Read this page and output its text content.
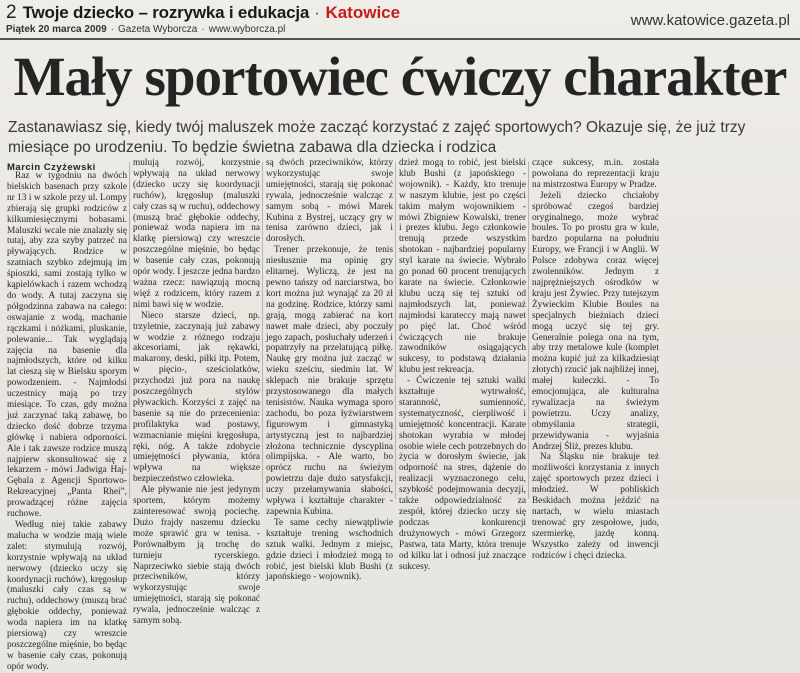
2 Twoje dziecko – rozrywka i edukacja · Katowice
Piątek 20 marca 2009 · Gazeta Wyborcza · www.wyborcza.pl
www.katowice.gazeta.pl
Mały sportowiec ćwiczy charakter
Zastanawiasz się, kiedy twój maluszek może zacząć korzystać z zajęć sportowych? Okazuje się, że już trzy miesiące po urodzeniu. To będzie świetna zabawa dla dziecka i rodzica
Marcin Czyżewski

Raz w tygodniu na dwóch bielskich basenach przy szkole nr 13 i w szkole przy ul. Lompy zbierają się grupki rodziców z kilkumiesięcznymi bobasami. Maluszki wcale nie znalazły się tutaj, aby zza szyby patrzeć na pływających. Rodzice w szatniach szybko zdejmują im śpioszki, sami zostają tylko w kąpielówkach i razem wchodzą do wody. A tutaj zaczyna się półgodzinna zabawa na całego: oswajanie z wodą, machanie rączkami i nóżkami, pluskanie, polewanie... Tak wyglądają zajęcia na basenie dla najmłodszych, które od kilku lat cieszą się w Bielsku sporym powodzeniem. - Najmłodsi uczestnicy mają po trzy miesiące. To czas, gdy można już zaczynać taką zabawę, bo dziecko dość dobrze trzyma główkę i nabiera odporności. Ale i tak zawsze rodzice muszą najpierw skonsultować się z lekarzem - mówi Jadwiga Haj-Gębala z Agencji Sportowo-Rekreacyjnej „Panta Rhei”, prowadzącej różne zajęcia ruchowe.

Według niej takie zabawy malucha w wodzie mają wiele zalet: stymulują rozwój, korzystnie wpływają na układ nerwowy (dziecko uczy się koordynacji ruchów), kręgosłup (maluszki cały czas są w ruchu), oddechowy (muszą brać głębokie oddechy, ponieważ woda napiera im na klatkę piersiową) czy wreszcie poszczególne mięśnie, bo będąc w basenie cały czas, pokonują opór wody.

mulują rozwój, korzystnie wpływają na układ nerwowy (dziecko uczy się koordynacji ruchów), kręgosłup (maluszki cały czas są w ruchu), oddechowy (muszą brać głębokie oddechy, ponieważ woda napiera im na klatkę piersiową) czy wreszcie poszczególne mięśnie, bo będąc w basenie cały czas, pokonują opór wody. I jeszcze jedna bardzo ważna rzecz: nawiązują mocną więź z rodzicem, który razem z nimi bawi się w wodzie.

Nieco starsze dzieci, np. trzyletnie, zaczynają już zabawy w wodzie z różnego rodzaju akcesoriami, jak rękawki, makarony, deski, piłki itp. Potem, w pięcio-, sześciolatków, przychodzi już pora na naukę poszczególnych stylów pływackich. Korzyści z zajęć na basenie są nie do przecenienia: profilaktyka wad postawy, wzmacnianie mięśni kręgosłupa, ręki, nóg. A także zdobycie umiejętności pływania, która wpływa na większe bezpieczeństwo człowieka.

Ale pływanie nie jest jedynym sportem, którym możemy zainteresować swoją pociechę. Dużo frajdy naszemu dziecku może sprawić gra w tenisa. - Porównałbym ją trochę do turnieju rycerskiego. Naprzeciwko siebie stają dwóch przeciwników, którzy wykorzystując swoje umiejętności, starają się pokonać rywala, jednocześnie walcząc z samym sobą.

są dwóch przeciwników, którzy wykorzystując swoje umiejętności, starają się pokonać rywala, jednocześnie walcząc z samym sobą - mówi Marek Kubina z Bystrej, uczący gry w tenisa zarówno dzieci, jak i dorosłych.

Trener przekonuje, że tenis niesłusznie ma opinię gry elitarnej. Wyliczą, że jest na pewno tańszy od narciarstwa, bo kort można już wynająć za 20 zł na godzinę. Rodzice, którzy sami grają, mogą zabierać na kort nawet małe dzieci, aby poczuły jego zapach, posłuchały uderzeń i popatrzyły na przelatującą piłkę. Naukę gry można już zacząć w wieku sześciu, siedmiu lat. W sklepach nie brakuje sprzętu przystosowanego dla małych tenisistów. Nauka wymaga sporo zachodu, bo poza łyżwiarstwem figurowym i gimnastyką artystyczną jest to najbardziej złożona technicznie dyscyplina olimpijska. - Ale warto, bo oprócz ruchu na świeżym powietrzu daje dużo satysfakcji, uczy przełamywania słabości, wpływa i kształtuje charakter - zapewnia Kubina.

Te same cechy niewątpliwie kształtuje trening wschodnich sztuk walki. Jednym z miejsc, gdzie dzieci i młodzież mogą to robić, jest bielski klub Bushi (z japońskiego - wojownik).

dzież mogą to robić, jest bielski klub Bushi (z japońskiego - wojownik). - Każdy, kto trenuje w naszym klubie, jest po części takim małym wojownikiem - mówi Zbigniew Kowalski, trener i prezes klubu. Jego członkowie trenują przede wszystkim shotokan - najbardziej popularny styl karate na świecie. Wybrało go ponad 60 procent trenujących karate na świecie. Członkowie klubu uczą się tej sztuki od najmłodszych lat, ponieważ najmłodsi karateccy mają nawet po pięć lat. Choć wśród ćwiczących nie brakuje zawodników osiągających sukcesy, to podstawą działania klubu jest rekreacja.

- Ćwiczenie tej sztuki walki kształtuje wytrwałość, staranność, sumienność, systematyczność, cierpliwość i umiejętność koncentracji. Karate shotokan wyrabia w młodej osobie wiele cech potrzebnych do życia w dorosłym świecie, jak odporność na stres, dążenie do realizacji wyznaczonego celu, szybkość podejmowania decyzji, także odpowiedzialność za zespół, której dziecko uczy się podczas konkurencji drużynowych - mówi Grzegorz Pastwa, tata Marty, która trenuje od kilku lat i odnosi już znaczące sukcesy.

czące sukcesy, m.in. została powołana do reprezentacji kraju na mistrzostwa Europy w Pradze.

Jeżeli dziecko chciałoby spróbować czegoś bardziej oryginalnego, może wybrać boules. To po prostu gra w kule, bardzo popularna na południu Europy, we Francji i w Anglii. W Polsce zdobywa coraz więcej zwolenników. Jednym z najprężniejszych ośrodków w kraju jest Żywiec. Przy tutejszym Żywieckim Klubie Boules na specjalnych bieżniach dzieci mogą uczyć się tej gry. Generalnie polega ona na tym, aby trzy metalowe kule (komplet można kupić już za kilkadziesiąt złotych) rzucić jak najbliżej innej, małej kuleczki. - To emocjonująca, ale kulturalna rywalizacja na świeżym powietrzu. Uczy analizy, obmyślania strategii, przewidywania - wyjaśnia Andrzej Śliż, prezes klubu.

Na Śląsku nie brakuje też możliwości korzystania z innych zajęć sportowych przez dzieci i młodzież. W pobliskich Beskidach można jeździć na nartach, w wielu miastach trenować gry zespołowe, judo, szermierkę, jazdę konną. Wszystko zależy od inwencji rodziców i chęci dziecka.
